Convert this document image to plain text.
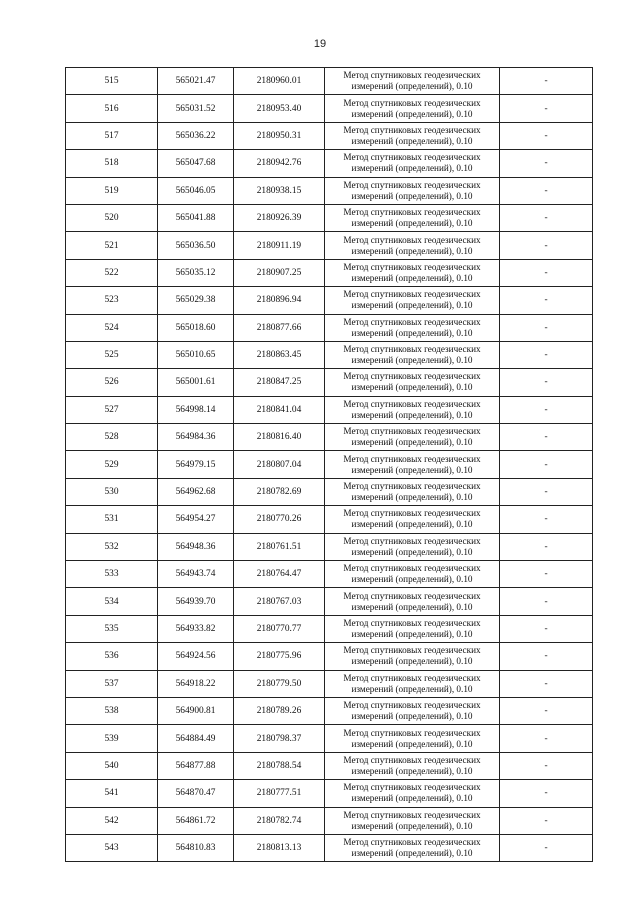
19
515	565021.47	2180960.01	Метод спутниковых геодезических
измерений (определений), 0.10	-
516	565031.52	2180953.40	Метод спутниковых геодезических
измерений (определений), 0.10	-
517	565036.22	2180950.31	Метод спутниковых геодезических
измерений (определений), 0.10	-
518	565047.68	2180942.76	Метод спутниковых геодезических
измерений (определений), 0.10	-
519	565046.05	2180938.15	Метод спутниковых геодезических
измерений (определений), 0.10	-
520	565041.88	2180926.39	Метод спутниковых геодезических
измерений (определений), 0.10	-
521	565036.50	2180911.19	Метод спутниковых геодезических
измерений (определений), 0.10	-
522	565035.12	2180907.25	Метод спутниковых геодезических
измерений (определений), 0.10	-
523	565029.38	2180896.94	Метод спутниковых геодезических
измерений (определений), 0.10	-
524	565018.60	2180877.66	Метод спутниковых геодезических
измерений (определений), 0.10	-
525	565010.65	2180863.45	Метод спутниковых геодезических
измерений (определений), 0.10	-
526	565001.61	2180847.25	Метод спутниковых геодезических
измерений (определений), 0.10	-
527	564998.14	2180841.04	Метод спутниковых геодезических
измерений (определений), 0.10	-
528	564984.36	2180816.40	Метод спутниковых геодезических
измерений (определений), 0.10	-
529	564979.15	2180807.04	Метод спутниковых геодезических
измерений (определений), 0.10	-
530	564962.68	2180782.69	Метод спутниковых геодезических
измерений (определений), 0.10	-
531	564954.27	2180770.26	Метод спутниковых геодезических
измерений (определений), 0.10	-
532	564948.36	2180761.51	Метод спутниковых геодезических
измерений (определений), 0.10	-
533	564943.74	2180764.47	Метод спутниковых геодезических
измерений (определений), 0.10	-
534	564939.70	2180767.03	Метод спутниковых геодезических
измерений (определений), 0.10	-
535	564933.82	2180770.77	Метод спутниковых геодезических
измерений (определений), 0.10	-
536	564924.56	2180775.96	Метод спутниковых геодезических
измерений (определений), 0.10	-
537	564918.22	2180779.50	Метод спутниковых геодезических
измерений (определений), 0.10	-
538	564900.81	2180789.26	Метод спутниковых геодезических
измерений (определений), 0.10	-
539	564884.49	2180798.37	Метод спутниковых геодезических
измерений (определений), 0.10	-
540	564877.88	2180788.54	Метод спутниковых геодезических
измерений (определений), 0.10	-
541	564870.47	2180777.51	Метод спутниковых геодезических
измерений (определений), 0.10	-
542	564861.72	2180782.74	Метод спутниковых геодезических
измерений (определений), 0.10	-
543	564810.83	2180813.13	Метод спутниковых геодезических
измерений (определений), 0.10	-
